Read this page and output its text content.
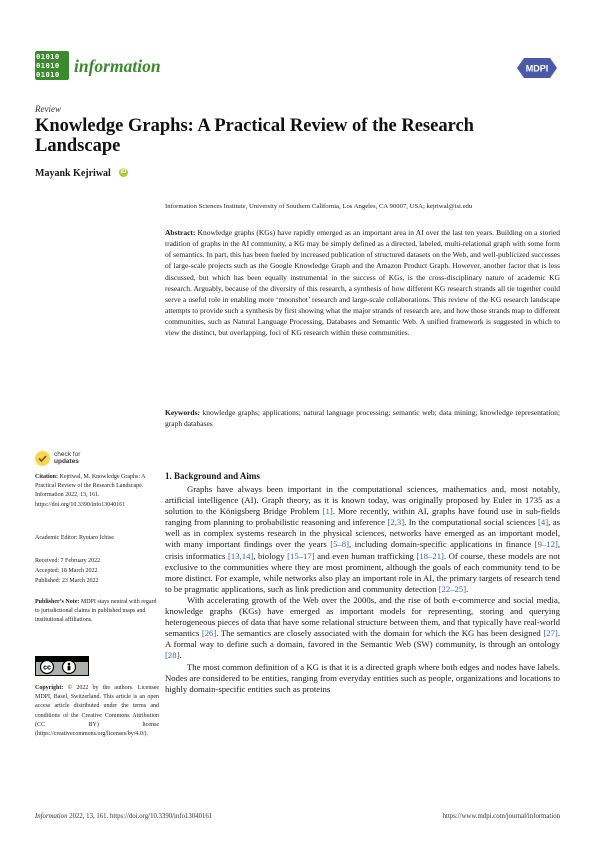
01010
01010
01010 information	MDPI
Review
Knowledge Graphs: A Practical Review of the Research Landscape
Mayank Kejriwal iD
Information Sciences Institute, University of Southern California, Los Angeles, CA 90007, USA; kejriwal@isi.edu
Abstract: Knowledge graphs (KGs) have rapidly emerged as an important area in AI over the last ten years. Building on a storied tradition of graphs in the AI community, a KG may be simply defined as a directed, labeled, multi-relational graph with some form of semantics. In part, this has been fueled by increased publication of structured datasets on the Web, and well-publicized successes of large-scale projects such as the Google Knowledge Graph and the Amazon Product Graph. However, another factor that is less discussed, but which has been equally instrumental in the success of KGs, is the cross-disciplinary nature of academic KG research. Arguably, because of the diversity of this research, a synthesis of how different KG research strands all tie together could serve a useful role in enabling more ‘moonshot’ research and large-scale collaborations. This review of the KG research landscape attempts to provide such a synthesis by first showing what the major strands of research are, and how those strands map to different communities, such as Natural Language Processing, Databases and Semantic Web. A unified framework is suggested in which to view the distinct, but overlapping, foci of KG research within these communities.
Keywords: knowledge graphs; applications; natural language processing; semantic web; data mining; knowledge representation; graph databases
check for
updates
Citation: Kejriwal, M. Knowledge Graphs: A Practical Review of the Research Landscape. Information 2022, 13, 161. https://doi.org/10.3390/info13040161
Academic Editor: Ryutaro Ichise
Received: 7 February 2022
Accepted: 18 March 2022
Published: 23 March 2022
Publisher’s Note: MDPI stays neutral with regard to jurisdictional claims in published maps and institutional affiliations.
cc
Copyright: © 2022 by the authors. Licensee MDPI, Basel, Switzerland. This article is an open access article distributed under the terms and conditions of the Creative Commons Attribution (CC BY) license (https://creativecommons.org/licenses/by/4.0/).
1. Background and Aims

Graphs have always been important in the computational sciences, mathematics and, most notably, artificial intelligence (AI). Graph theory, as it is known today, was originally proposed by Euler in 1735 as a solution to the Königsberg Bridge Problem [1]. More recently, within AI, graphs have found use in sub-fields ranging from planning to probabilistic reasoning and inference [2,3]. In the computational social sciences [4], as well as in complex systems research in the physical sciences, networks have emerged as an important model, with many important findings over the years [5–8], including domain-specific applications in finance [9–12], crisis informatics [13,14], biology [15–17] and even human trafficking [18–21]. Of course, these models are not exclusive to the communities where they are most prominent, although the goals of each community tend to be more distinct. For example, while networks also play an important role in AI, the primary targets of research tend to be pragmatic applications, such as link prediction and community detection [22–25].

With accelerating growth of the Web over the 2000s, and the rise of both e-commerce and social media, knowledge graphs (KGs) have emerged as important models for representing, storing and querying heterogeneous pieces of data that have some relational structure between them, and that typically have real-world semantics [26]. The semantics are closely associated with the domain for which the KG has been designed [27]. A formal way to define such a domain, favored in the Semantic Web (SW) community, is through an ontology [28].

The most common definition of a KG is that it is a directed graph where both edges and nodes have labels. Nodes are considered to be entities, ranging from everyday entities such as people, organizations and locations to highly domain-specific entities such as proteins

Information 2022, 13, 161. https://doi.org/10.3390/info13040161	https://www.mdpi.com/journal/information
